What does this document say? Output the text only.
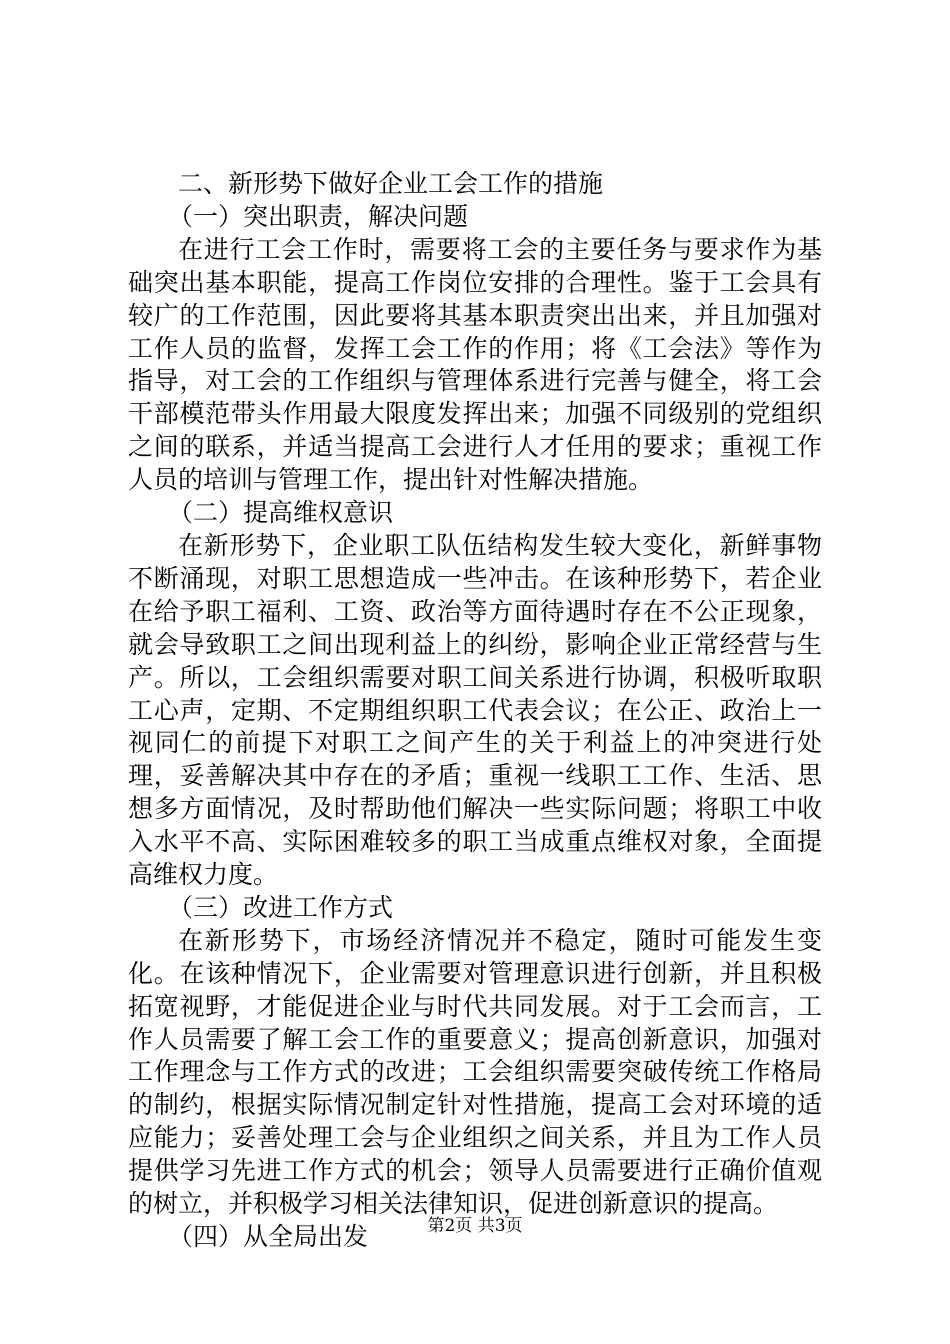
二、新形势下做好企业工会工作的措施

（一）突出职责，解决问题

在进行工会工作时，需要将工会的主要任务与要求作为基础突出基本职能，提高工作岗位安排的合理性。鉴于工会具有较广的工作范围，因此要将其基本职责突出出来，并且加强对工作人员的监督，发挥工会工作的作用；将《工会法》等作为指导，对工会的工作组织与管理体系进行完善与健全，将工会干部模范带头作用最大限度发挥出来；加强不同级别的党组织之间的联系，并适当提高工会进行人才任用的要求；重视工作人员的培训与管理工作，提出针对性解决措施。

（二）提高维权意识

在新形势下，企业职工队伍结构发生较大变化，新鲜事物不断涌现，对职工思想造成一些冲击。在该种形势下，若企业在给予职工福利、工资、政治等方面待遇时存在不公正现象，就会导致职工之间出现利益上的纠纷，影响企业正常经营与生产。所以，工会组织需要对职工间关系进行协调，积极听取职工心声，定期、不定期组织职工代表会议；在公正、政治上一视同仁的前提下对职工之间产生的关于利益上的冲突进行处理，妥善解决其中存在的矛盾；重视一线职工工作、生活、思想多方面情况，及时帮助他们解决一些实际问题；将职工中收入水平不高、实际困难较多的职工当成重点维权对象，全面提高维权力度。

（三）改进工作方式

在新形势下，市场经济情况并不稳定，随时可能发生变化。在该种情况下，企业需要对管理意识进行创新，并且积极拓宽视野，才能促进企业与时代共同发展。对于工会而言，工作人员需要了解工会工作的重要意义；提高创新意识，加强对工作理念与工作方式的改进；工会组织需要突破传统工作格局的制约，根据实际情况制定针对性措施，提高工会对环境的适应能力；妥善处理工会与企业组织之间关系，并且为工作人员提供学习先进工作方式的机会；领导人员需要进行正确价值观的树立，并积极学习相关法律知识，促进创新意识的提高。

（四）从全局出发	第2页 共3页
